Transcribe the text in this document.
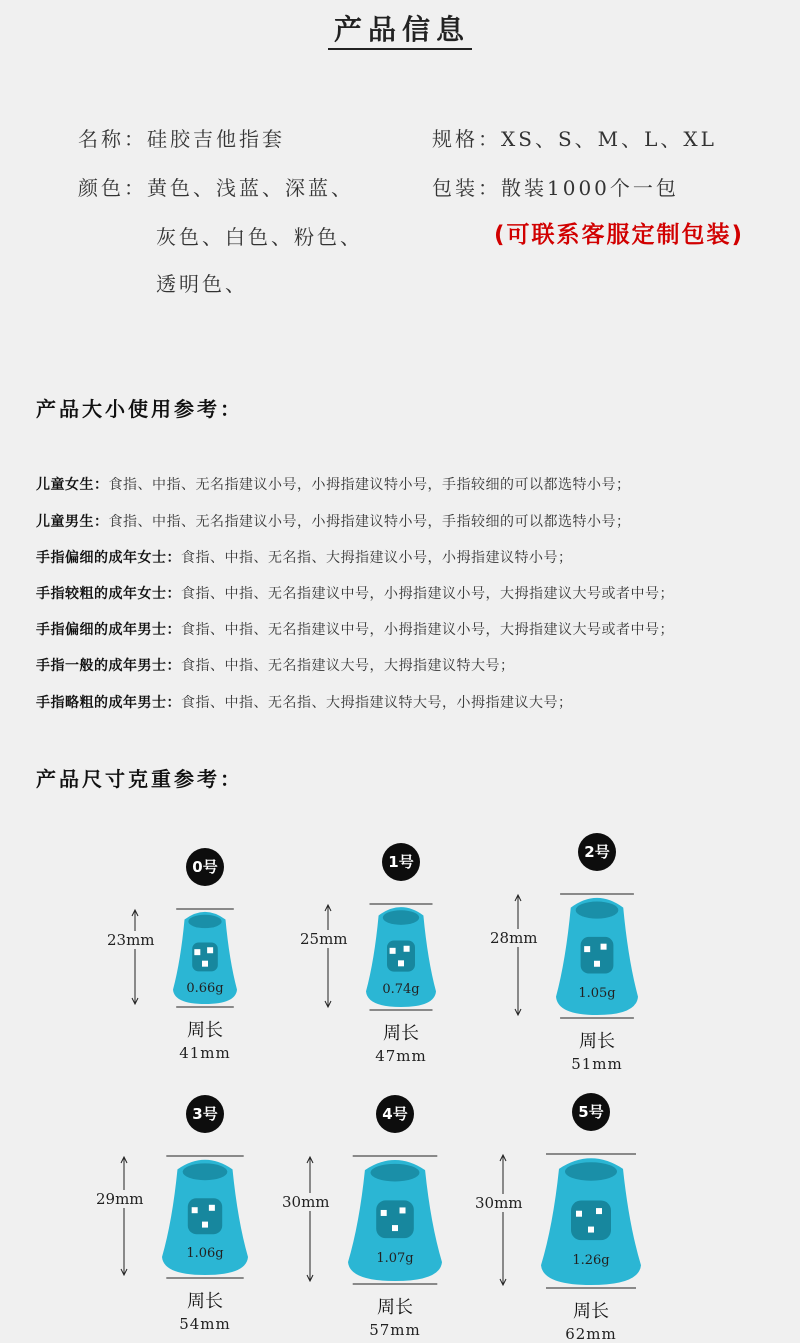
产品信息
名称：硅胶吉他指套
颜色：黄色、浅蓝、深蓝、
灰色、白色、粉色、
透明色、
规格：XS、S、M、L、XL
包装：散装1000个一包
(可联系客服定制包装)
产品大小使用参考：
儿童女生：食指、中指、无名指建议小号，小拇指建议特小号，手指较细的可以都选特小号；
儿童男生：食指、中指、无名指建议小号，小拇指建议特小号，手指较细的可以都选特小号；
手指偏细的成年女士：食指、中指、无名指、大拇指建议小号，小拇指建议特小号；
手指较粗的成年女士：食指、中指、无名指建议中号，小拇指建议小号，大拇指建议大号或者中号；
手指偏细的成年男士：食指、中指、无名指建议中号，小拇指建议小号，大拇指建议大号或者中号；
手指一般的成年男士：食指、中指、无名指建议大号，大拇指建议特大号；
手指略粗的成年男士：食指、中指、无名指、大拇指建议特大号，小拇指建议大号；
产品尺寸克重参考：
0号
23mm
0.66g
周长
41mm
1号
25mm
0.74g
周长
47mm
2号
28mm
1.05g
周长
51mm
3号
29mm
1.06g
周长
54mm
4号
30mm
1.07g
周长
57mm
5号
30mm
1.26g
周长
62mm
